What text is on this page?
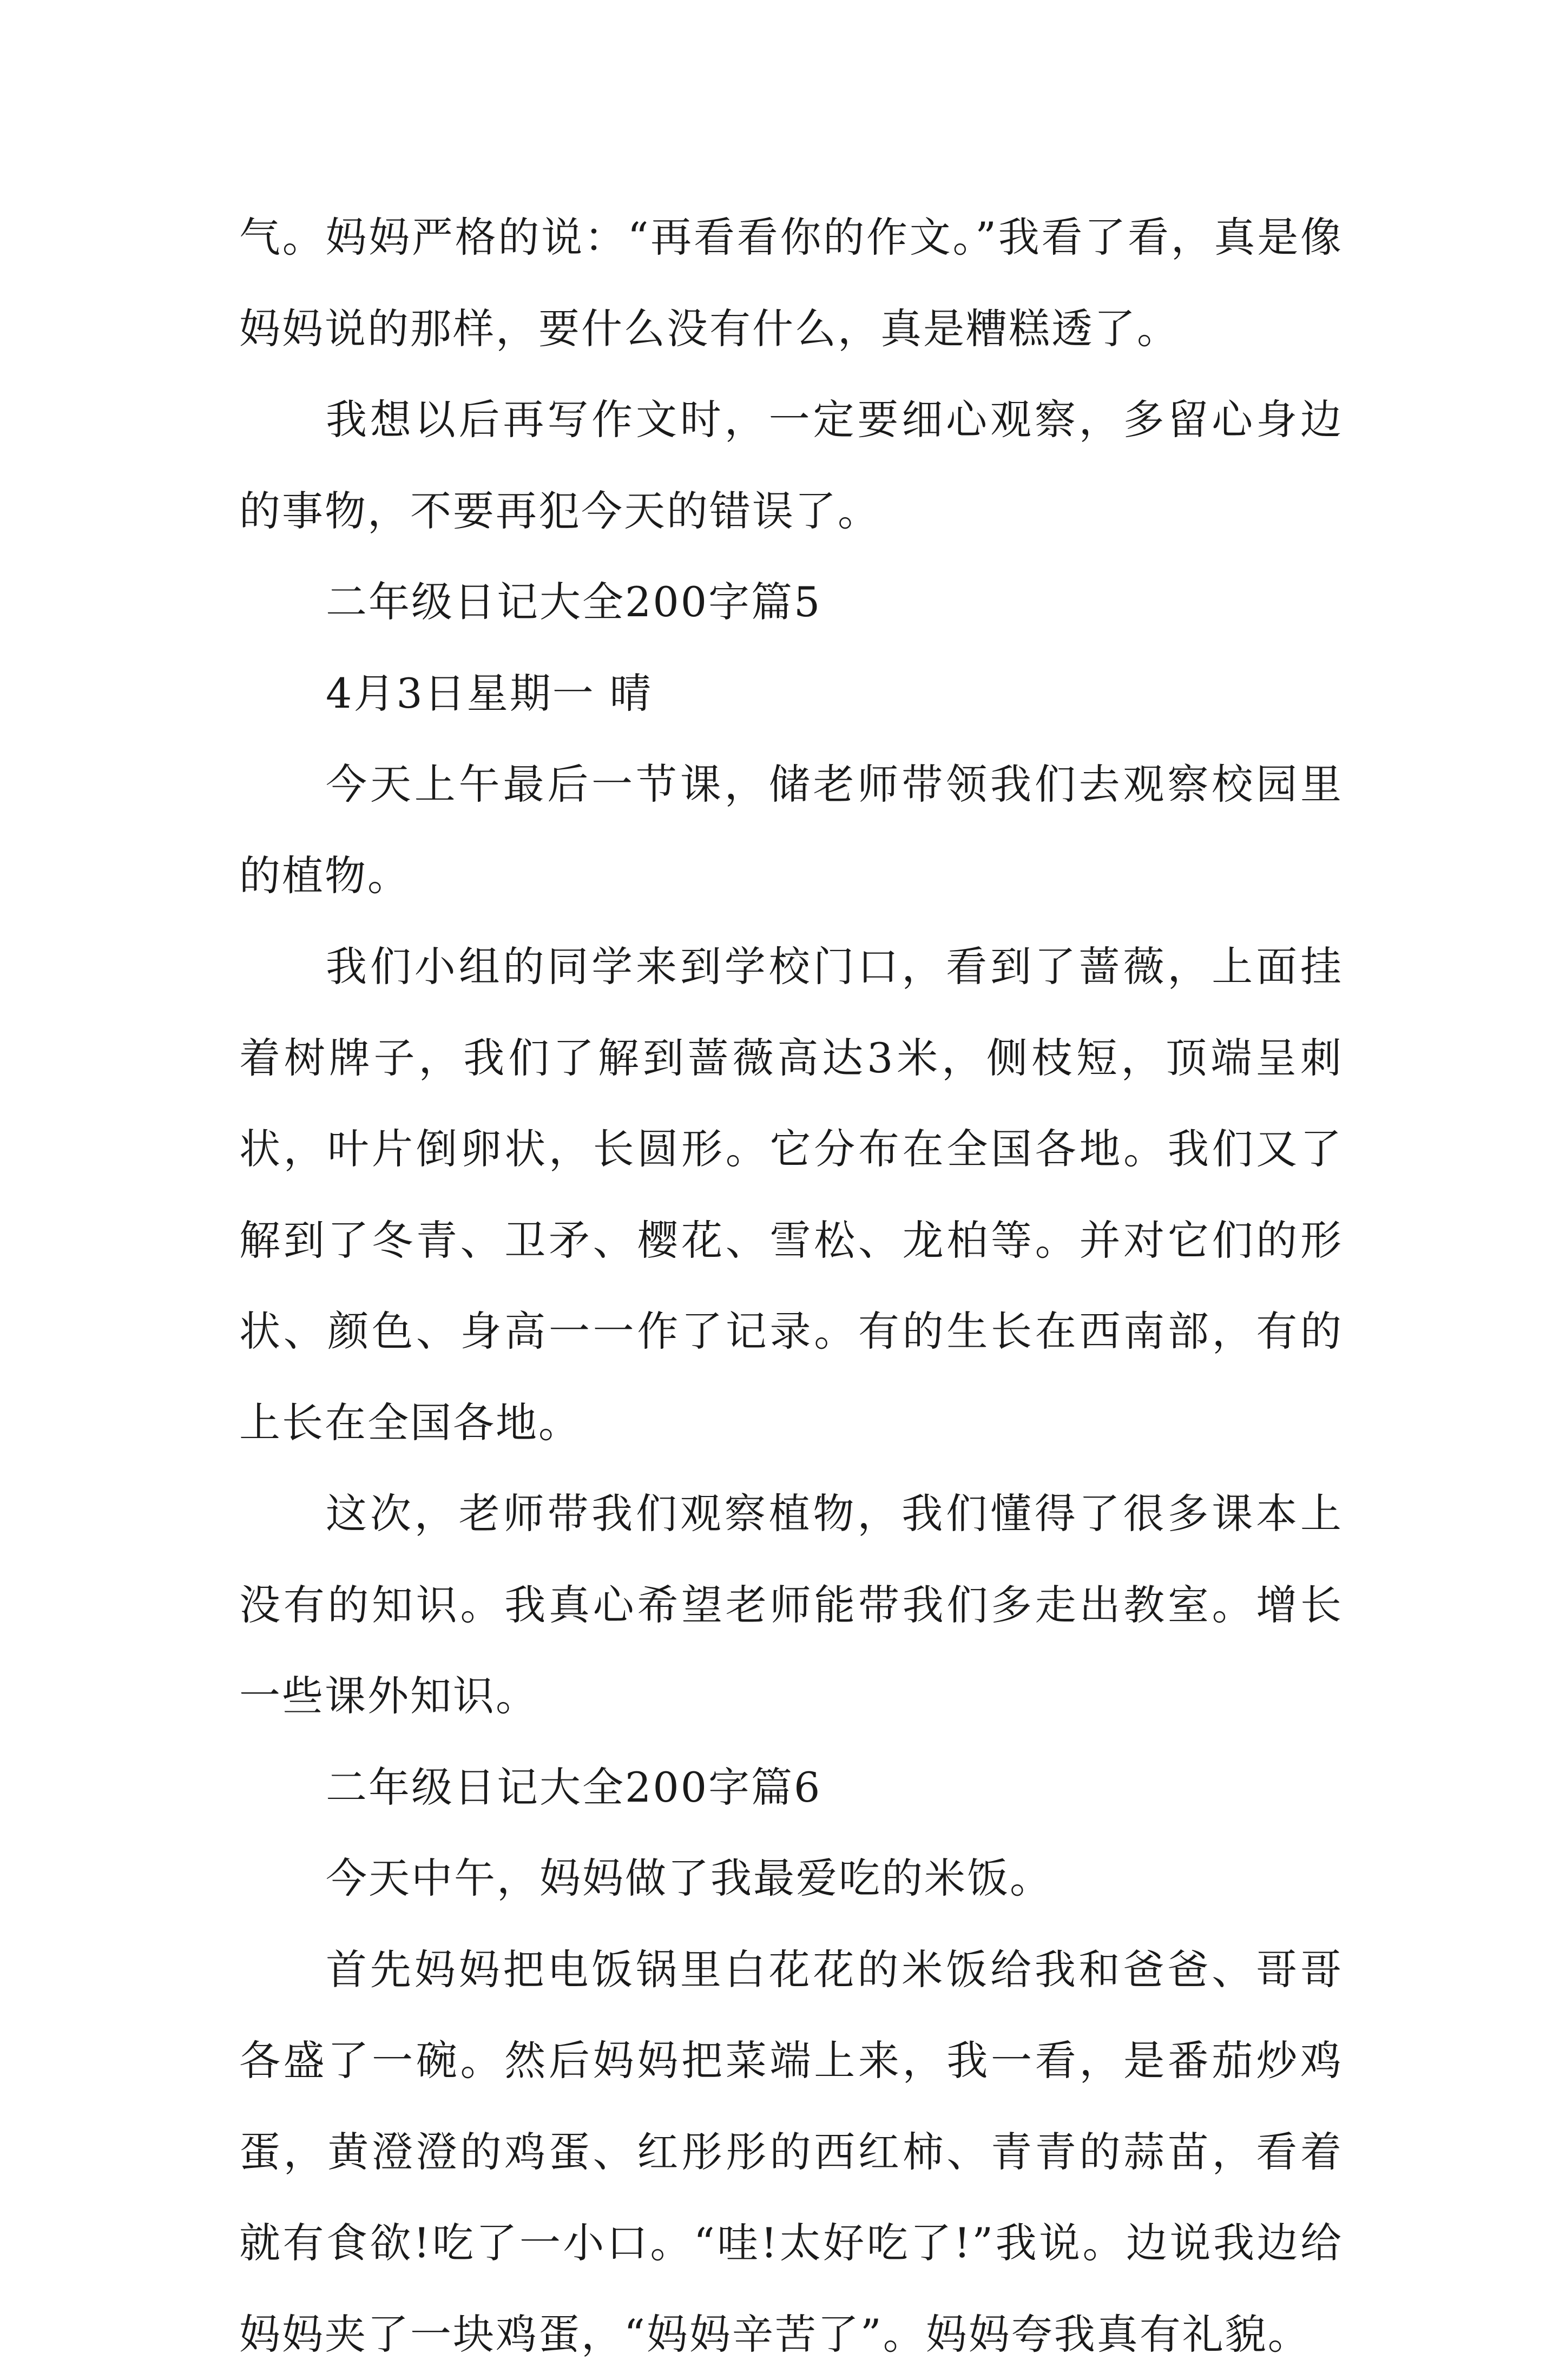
气。妈妈严格的说：“再看看你的作文。”我看了看，真是像妈妈说的那样，要什么没有什么，真是糟糕透了。

我想以后再写作文时，一定要细心观察，多留心身边的事物，不要再犯今天的错误了。

二年级日记大全200字篇5

4月3日星期一 晴

今天上午最后一节课，储老师带领我们去观察校园里的植物。

我们小组的同学来到学校门口，看到了蔷薇，上面挂着树牌子，我们了解到蔷薇高达3米，侧枝短，顶端呈刺状，叶片倒卵状，长圆形。它分布在全国各地。我们又了解到了冬青、卫矛、樱花、雪松、龙柏等。并对它们的形状、颜色、身高一一作了记录。有的生长在西南部，有的上长在全国各地。

这次，老师带我们观察植物，我们懂得了很多课本上没有的知识。我真心希望老师能带我们多走出教室。增长一些课外知识。

二年级日记大全200字篇6

今天中午，妈妈做了我最爱吃的米饭。

首先妈妈把电饭锅里白花花的米饭给我和爸爸、哥哥各盛了一碗。然后妈妈把菜端上来，我一看，是番茄炒鸡蛋，黄澄澄的鸡蛋、红彤彤的西红柿、青青的蒜苗，看着就有食欲!吃了一小口。“哇!太好吃了!”我说。边说我边给妈妈夹了一块鸡蛋，“妈妈辛苦了”。妈妈夸我真有礼貌。
